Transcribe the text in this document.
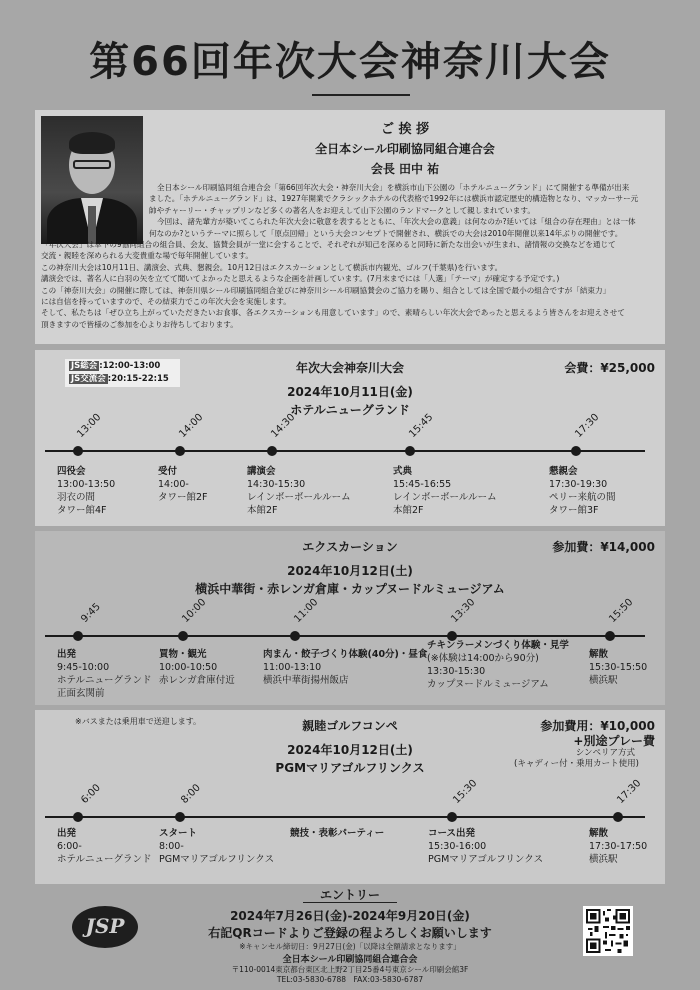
第66回年次大会神奈川大会
ご 挨 拶
全日本シール印刷協同組合連合会
会長 田中 祐

全日本シール印刷協同組合連合会「第66回年次大会・神奈川大会」を横浜市山下公園の「ホテルニューグランド」にて開催する準備が出来

ました。「ホテルニューグランド」は、1927年開業でクラシックホテルの代表格で1992年には横浜市認定歴史的構造物となり、マッカーサー元

帥やチャーリー・チャップリンなど多くの著名人をお迎えして山下公園のランドマークとして親しまれています。

今回は、諸先輩方が築いてこられた年次大会に敬意を表するとともに、「年次大会の意義」は何なのか?延いては「組合の存在理由」とは一体

何なのか?というテーマに照らして「原点回帰」という大会コンセプトで開催され、横浜での大会は2010年開催以来14年ぶりの開催です。

「年次大会」は傘下の9協同組合の組合員、会友、協賛会員が一堂に会することで、それぞれが知己を深めると同時に新たな出会いが生まれ、諸情報の交換などを通じて

交流・親睦を深められる大変貴重な場で毎年開催しています。

この神奈川大会は10月11日、講演会、式典、懇親会。10月12日はエクスカーションとして横浜市内観光、ゴルフ(千葉県)を行います。

講演会では、著名人に白羽の矢を立てて聞いてよかったと思えるような企画を計画しています。(7月末までには「人選」「テーマ」が確定する予定です。)

この「神奈川大会」の開催に際しては、神奈川県シール印刷協同組合並びに神奈川シール印刷協賛会のご協力を賜り、組合としては全国で最小の組合ですが「結束力」

には自信を持っていますので、その結束力でこの年次大会を実施します。

そして、私たちは「ぜひ立ち上がっていただきたいお食事、各エクスカーションも用意しています」ので、素晴らしい年次大会であったと思えるよう皆さんをお迎えさせて

頂きますので皆様のご参加を心よりお待ちしております。

JS総会 :12:00-13:00
JS交流会 :20:15-22:15
年次大会神奈川大会	会費：¥25,000
2024年10月11日(金)
ホテルニューグランド
13:00
四役会
13:00-13:50
羽衣の間
タワー館4F
14:00
受付
14:00-
タワー館2F
14:30
講演会
14:30-15:30
レインボーボールルーム
本館2F
15:45
式典
15:45-16:55
レインボーボールルーム
本館2F
17:30
懇親会
17:30-19:30
ペリー来航の間
タワー館3F
エクスカーション	参加費：¥14,000
2024年10月12日(土)
横浜中華街・赤レンガ倉庫・カップヌードルミュージアム
9:45
出発
9:45-10:00
ホテルニューグランド
正面玄関前
10:00
買物・観光
10:00-10:50
赤レンガ倉庫付近
11:00
肉まん・餃子づくり体験(40分)・昼食
11:00-13:10
横浜中華街揚州飯店
13:30
チキンラーメンづくり体験・見学
(※体験は14:00から90分)
13:30-15:30
カップヌードルミュージアム
15:50
解散
15:30-15:50
横浜駅
※バスまたは乗用車で送迎します。	親睦ゴルフコンペ	参加費用：¥10,000
+別途プレー費
シンペリア方式
(キャディー付・乗用カート使用)
2024年10月12日(土)
PGMマリアゴルフリンクス
6:00
出発
6:00-
ホテルニューグランド
8:00
スタート
8:00-
PGMマリアゴルフリンクス
競技・表彰パーティー
15:30
コース出発
15:30-16:00
PGMマリアゴルフリンクス
17:30
解散
17:30-17:50
横浜駅
JSP
エントリー
2024年7月26日(金)-2024年9月20日(金)
右記QRコードよりご登録の程よろしくお願いします
※キャンセル締切日：9月27日(金)「以降は全額請求となります」
全日本シール印刷協同組合連合会
〒110-0014東京都台東区北上野2丁目25番4号東京シール印刷会館3F
TEL:03-5830-6788　FAX:03-5830-6787
